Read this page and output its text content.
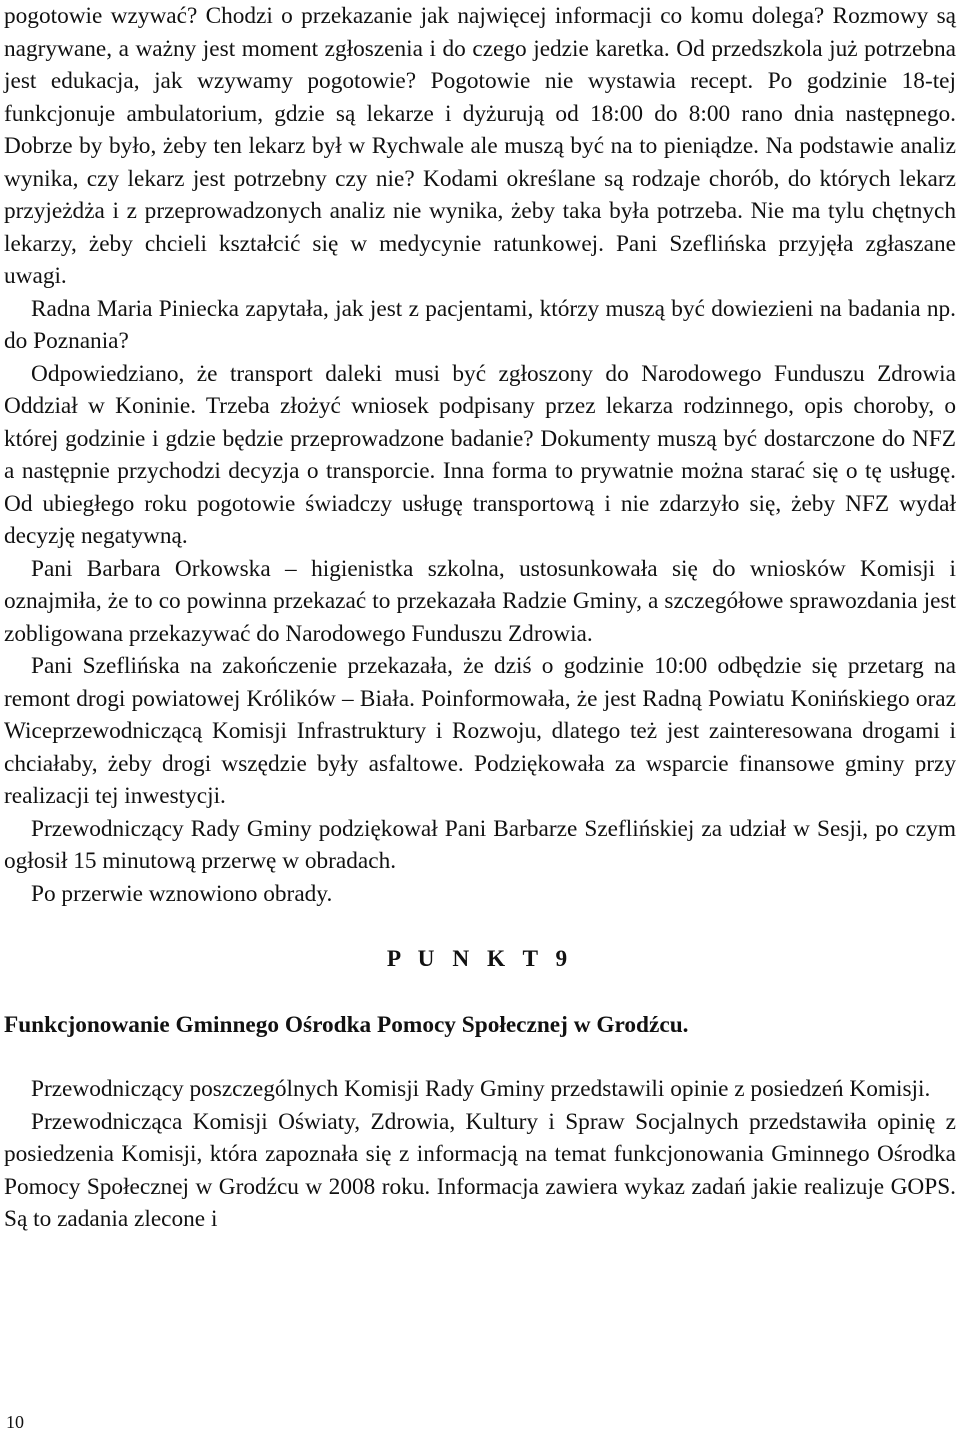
pogotowie wzywać? Chodzi o przekazanie jak najwięcej informacji co komu dolega? Rozmowy są nagrywane, a ważny jest moment zgłoszenia i do czego jedzie karetka. Od przedszkola już potrzebna jest edukacja, jak wzywamy pogotowie? Pogotowie nie wystawia recept. Po godzinie 18-tej funkcjonuje ambulatorium, gdzie są lekarze i dyżurują od 18:00 do 8:00 rano dnia następnego. Dobrze by było, żeby ten lekarz był w Rychwale ale muszą być na to pieniądze. Na podstawie analiz wynika, czy lekarz jest potrzebny czy nie? Kodami określane są rodzaje chorób, do których lekarz przyjeżdża i z przeprowadzonych analiz nie wynika, żeby taka była potrzeba. Nie ma tylu chętnych lekarzy, żeby chcieli kształcić się w medycynie ratunkowej. Pani Szeflińska przyjęła zgłaszane uwagi.

Radna Maria Piniecka zapytała, jak jest z pacjentami, którzy muszą być dowiezieni na badania np. do Poznania?

Odpowiedziano, że transport daleki musi być zgłoszony do Narodowego Funduszu Zdrowia Oddział w Koninie. Trzeba złożyć wniosek podpisany przez lekarza rodzinnego, opis choroby, o której godzinie i gdzie będzie przeprowadzone badanie? Dokumenty muszą być dostarczone do NFZ a następnie przychodzi decyzja o transporcie. Inna forma to prywatnie można starać się o tę usługę. Od ubiegłego roku pogotowie świadczy usługę transportową i nie zdarzyło się, żeby NFZ wydał decyzję negatywną.

Pani Barbara Orkowska – higienistka szkolna, ustosunkowała się do wniosków Komisji i oznajmiła, że to co powinna przekazać to przekazała Radzie Gminy, a szczegółowe sprawozdania jest zobligowana przekazywać do Narodowego Funduszu Zdrowia.

Pani Szeflińska na zakończenie przekazała, że dziś o godzinie 10:00 odbędzie się przetarg na remont drogi powiatowej Królików – Biała. Poinformowała, że jest Radną Powiatu Konińskiego oraz Wiceprzewodniczącą Komisji Infrastruktury i Rozwoju, dlatego też jest zainteresowana drogami i chciałaby, żeby drogi wszędzie były asfaltowe. Podziękowała za wsparcie finansowe gminy przy realizacji tej inwestycji.

Przewodniczący Rady Gminy podziękował Pani Barbarze Szeflińskiej za udział w Sesji, po czym ogłosił 15 minutową przerwę w obradach.

Po przerwie wznowiono obrady.

P U N K T 9

Funkcjonowanie Gminnego Ośrodka Pomocy Społecznej w Grodźcu.

Przewodniczący poszczególnych Komisji Rady Gminy przedstawili opinie z posiedzeń Komisji.

Przewodnicząca Komisji Oświaty, Zdrowia, Kultury i Spraw Socjalnych przedstawiła opinię z posiedzenia Komisji, która zapoznała się z informacją na temat funkcjonowania Gminnego Ośrodka Pomocy Społecznej w Grodźcu w 2008 roku. Informacja zawiera wykaz zadań jakie realizuje GOPS. Są to zadania zlecone i

10
